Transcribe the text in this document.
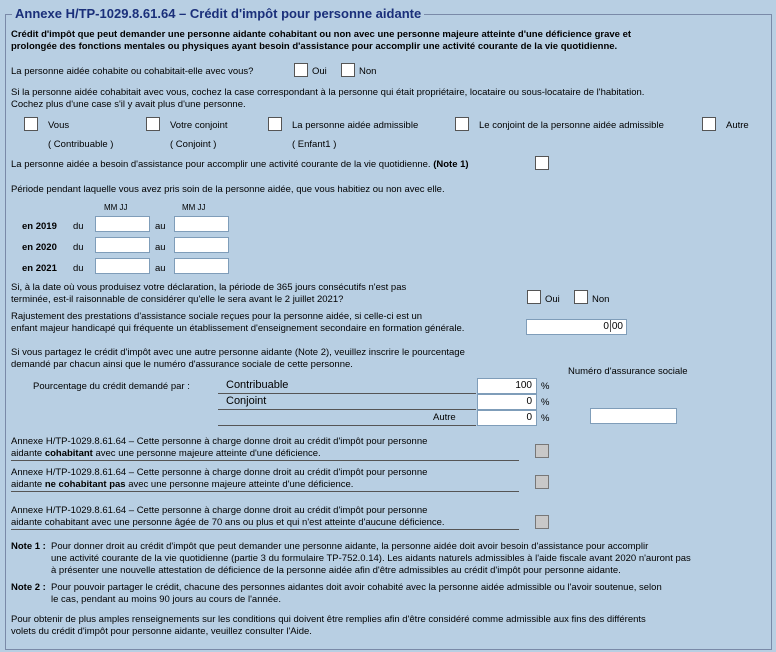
Annexe H/TP-1029.8.61.64 – Crédit d'impôt pour personne aidante
Crédit d'impôt que peut demander une personne aidante cohabitant ou non avec une personne majeure atteinte d'une déficience grave et
prolongée des fonctions mentales ou physiques ayant besoin d'assistance pour accomplir une activité courante de la vie quotidienne.
La personne aidée cohabite ou cohabitait-elle avec vous?	Oui	Non
Si la personne aidée cohabitait avec vous, cochez la case correspondant à la personne qui était propriétaire, locataire ou sous-locataire de l'habitation.
Cochez plus d'une case s'il y avait plus d'une personne.
Vous
( Contribuable )
Votre conjoint
( Conjoint )
La personne aidée admissible
( Enfant1 )
Le conjoint de la personne aidée admissible	Autre
La personne aidée a besoin d'assistance pour accomplir une activité courante de la vie quotidienne. (Note 1)
Période pendant laquelle vous avez pris soin de la personne aidée, que vous habitiez ou non avec elle.
MM JJ	MM JJ
en 2019 du	au
en 2020 du	au
en 2021 du	au
Si, à la date où vous produisez votre déclaration, la période de 365 jours consécutifs n'est pas
terminée, est-il raisonnable de considérer qu'elle le sera avant le 2 juillet 2021?	Oui	Non
Rajustement des prestations d'assistance sociale reçues pour la personne aidée, si celle-ci est un
enfant majeur handicapé qui fréquente un établissement d'enseignement secondaire en formation générale.	0 00
Si vous partagez le crédit d'impôt avec une autre personne aidante (Note 2), veuillez inscrire le pourcentage
demandé par chacun ainsi que le numéro d'assurance sociale de cette personne.
Numéro d'assurance sociale
Pourcentage du crédit demandé par :	Contribuable	100 %
Conjoint	0 %
Autre	0 %
Annexe H/TP-1029.8.61.64 – Cette personne à charge donne droit au crédit d'impôt pour personne
aidante cohabitant avec une personne majeure atteinte d'une déficience.
Annexe H/TP-1029.8.61.64 – Cette personne à charge donne droit au crédit d'impôt pour personne
aidante ne cohabitant pas avec une personne majeure atteinte d'une déficience.
Annexe H/TP-1029.8.61.64 – Cette personne à charge donne droit au crédit d'impôt pour personne
aidante cohabitant avec une personne âgée de 70 ans ou plus et qui n'est atteinte d'aucune déficience.
Note 1 : Pour donner droit au crédit d'impôt que peut demander une personne aidante, la personne aidée doit avoir besoin d'assistance pour accomplir
une activité courante de la vie quotidienne (partie 3 du formulaire TP-752.0.14). Les aidants naturels admissibles à l'aide fiscale avant 2020 n'auront pas
à présenter une nouvelle attestation de déficience de la personne aidée afin d'être admissibles au crédit d'impôt pour personne aidante.
Note 2 : Pour pouvoir partager le crédit, chacune des personnes aidantes doit avoir cohabité avec la personne aidée admissible ou l'avoir soutenue, selon
le cas, pendant au moins 90 jours au cours de l'année.
Pour obtenir de plus amples renseignements sur les conditions qui doivent être remplies afin d'être considéré comme admissible aux fins des différents
volets du crédit d'impôt pour personne aidante, veuillez consulter l'Aide.
